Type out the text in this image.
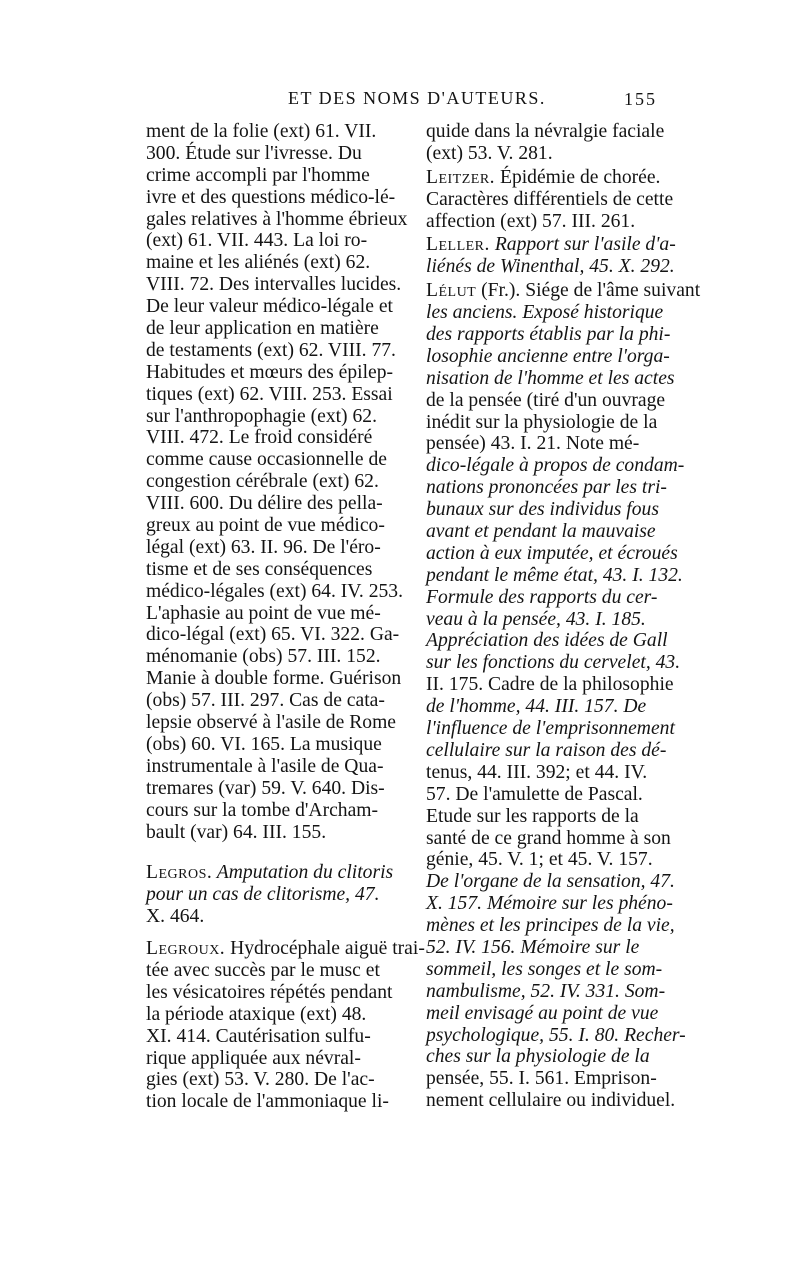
ET DES NOMS D'AUTEURS.	155
ment de la folie (ext) 61. VII.
300. Étude sur l'ivresse. Du
crime accompli par l'homme
ivre et des questions médico-lé-
gales relatives à l'homme ébrieux
(ext) 61. VII. 443. La loi ro-
maine et les aliénés (ext) 62.
VIII. 72. Des intervalles lucides.
De leur valeur médico-légale et
de leur application en matière
de testaments (ext) 62. VIII. 77.
Habitudes et mœurs des épilep-
tiques (ext) 62. VIII. 253. Essai
sur l'anthropophagie (ext) 62.
VIII. 472. Le froid considéré
comme cause occasionnelle de
congestion cérébrale (ext) 62.
VIII. 600. Du délire des pella-
greux au point de vue médico-
légal (ext) 63. II. 96. De l'éro-
tisme et de ses conséquences
médico-légales (ext) 64. IV. 253.
L'aphasie au point de vue mé-
dico-légal (ext) 65. VI. 322. Ga-
ménomanie (obs) 57. III. 152.
Manie à double forme. Guérison
(obs) 57. III. 297. Cas de cata-
lepsie observé à l'asile de Rome
(obs) 60. VI. 165. La musique
instrumentale à l'asile de Qua-
tremares (var) 59. V. 640. Dis-
cours sur la tombe d'Archam-
bault (var) 64. III. 155.
Legros. Amputation du clitoris
pour un cas de clitorisme, 47.
X. 464.
Legroux. Hydrocéphale aiguë trai-
tée avec succès par le musc et
les vésicatoires répétés pendant
la période ataxique (ext) 48.
XI. 414. Cautérisation sulfu-
rique appliquée aux névral-
gies (ext) 53. V. 280. De l'ac-
tion locale de l'ammoniaque li-
quide dans la névralgie faciale
(ext) 53. V. 281.
Leitzer. Épidémie de chorée.
Caractères différentiels de cette
affection (ext) 57. III. 261.
Leller. Rapport sur l'asile d'a-
liénés de Winenthal, 45. X. 292.
Lélut (Fr.). Siége de l'âme suivant
les anciens. Exposé historique
des rapports établis par la phi-
losophie ancienne entre l'orga-
nisation de l'homme et les actes
de la pensée (tiré d'un ouvrage
inédit sur la physiologie de la
pensée) 43. I. 21. Note mé-
dico-légale à propos de condam-
nations prononcées par les tri-
bunaux sur des individus fous
avant et pendant la mauvaise
action à eux imputée, et écroués
pendant le même état, 43. I. 132.
Formule des rapports du cer-
veau à la pensée, 43. I. 185.
Appréciation des idées de Gall
sur les fonctions du cervelet, 43.
II. 175. Cadre de la philosophie
de l'homme, 44. III. 157. De
l'influence de l'emprisonnement
cellulaire sur la raison des dé-
tenus, 44. III. 392; et 44. IV.
57. De l'amulette de Pascal.
Etude sur les rapports de la
santé de ce grand homme à son
génie, 45. V. 1; et 45. V. 157.
De l'organe de la sensation, 47.
X. 157. Mémoire sur les phéno-
mènes et les principes de la vie,
52. IV. 156. Mémoire sur le
sommeil, les songes et le som-
nambulisme, 52. IV. 331. Som-
meil envisagé au point de vue
psychologique, 55. I. 80. Recher-
ches sur la physiologie de la
pensée, 55. I. 561. Emprison-
nement cellulaire ou individuel.
